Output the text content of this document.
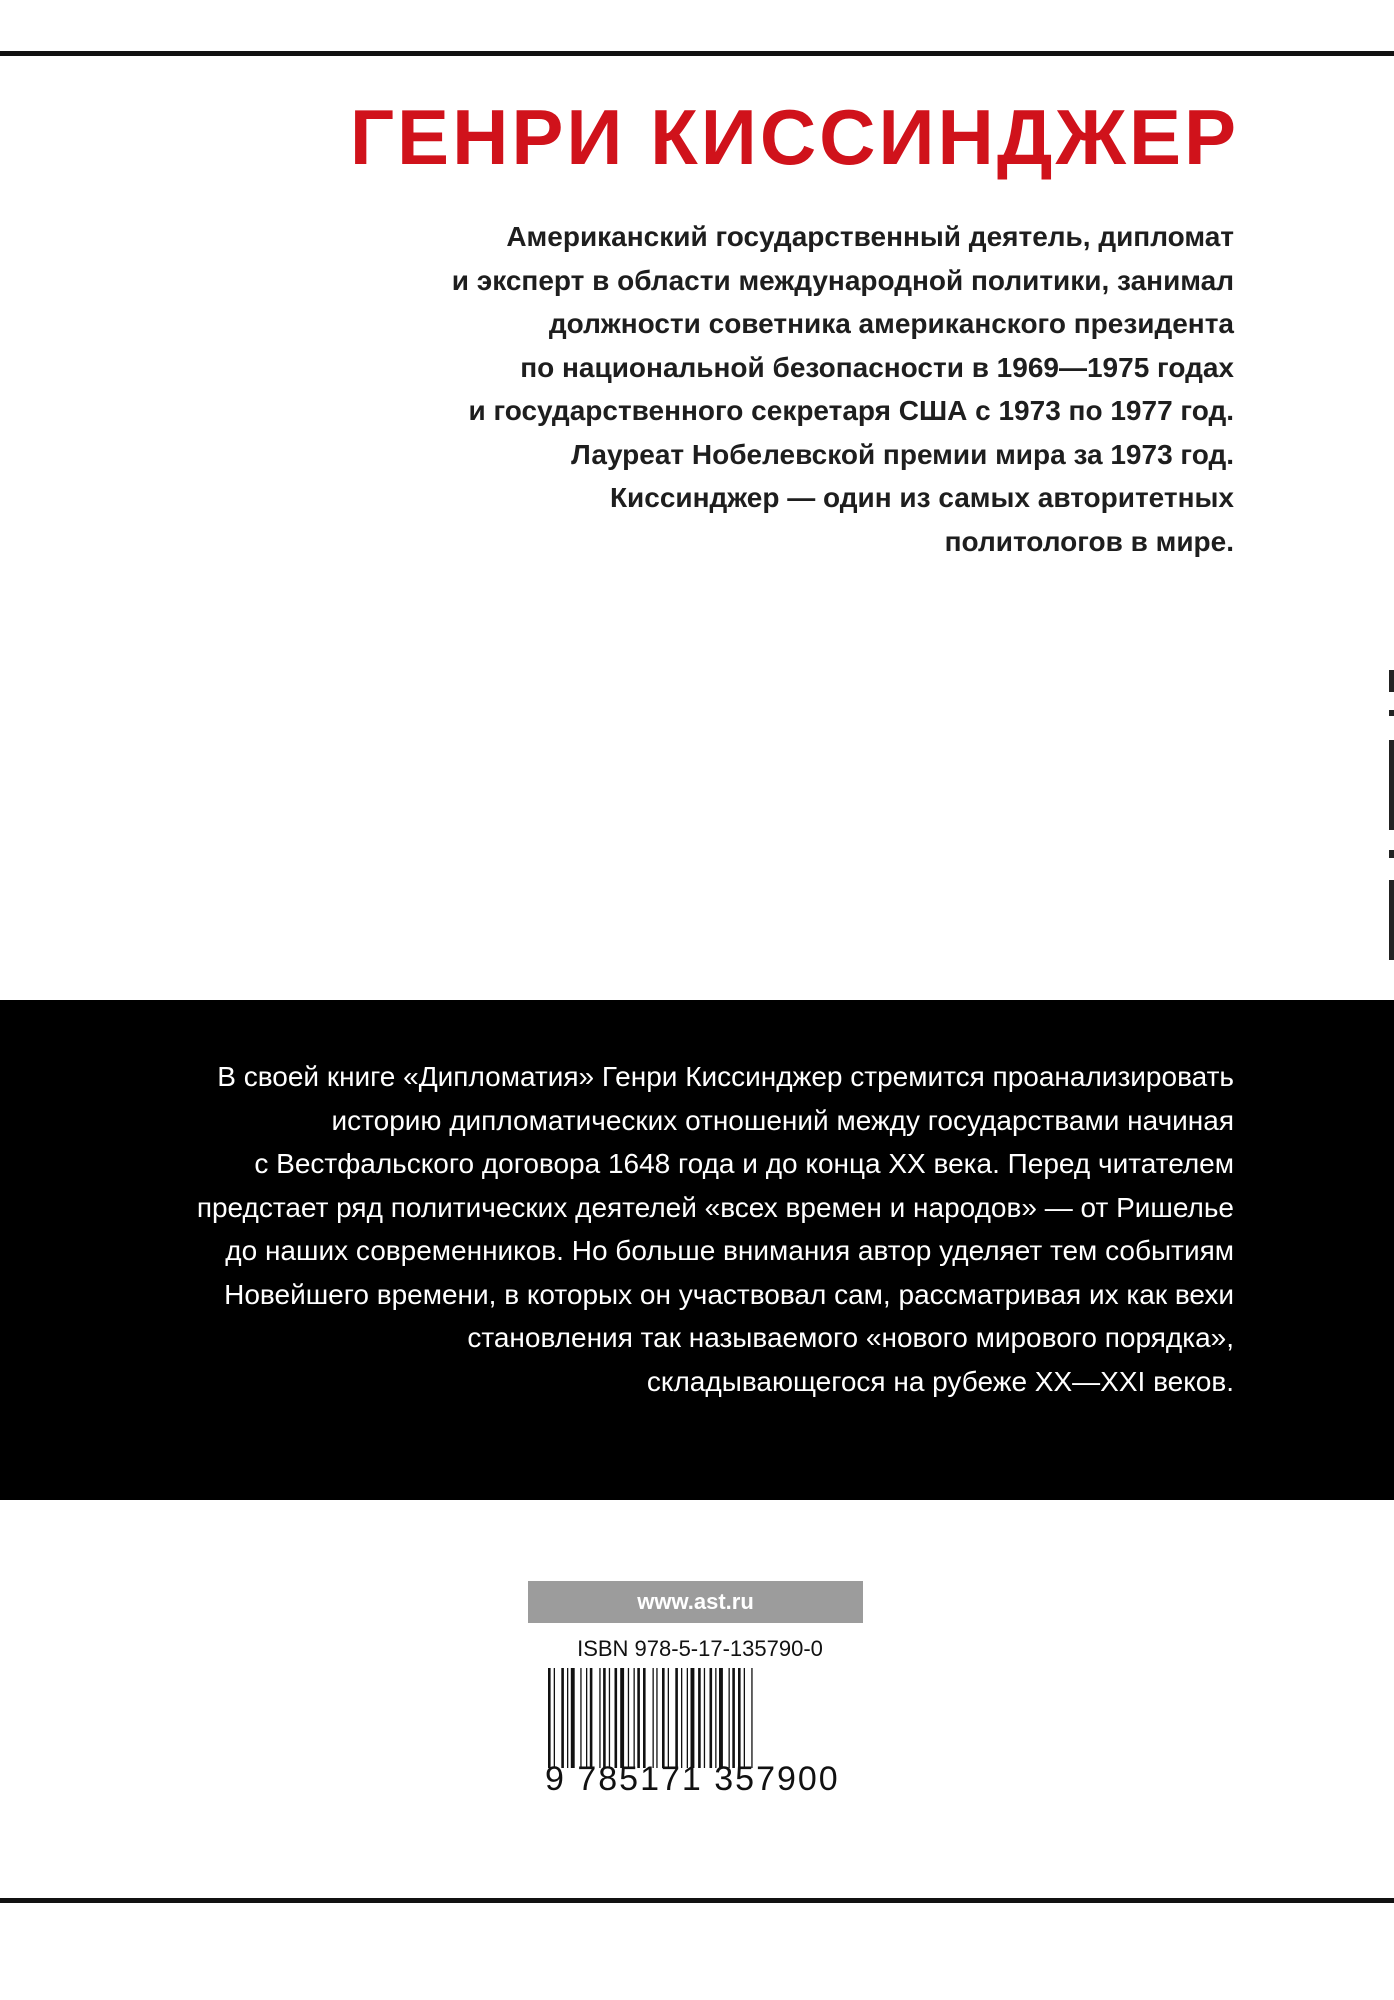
ГЕНРИ КИССИНДЖЕР

Американский государственный деятель, дипломат
и эксперт в области международной политики, занимал
должности советника американского президента
по национальной безопасности в 1969—1975 годах
и государственного секретаря США с 1973 по 1977 год.
Лауреат Нобелевской премии мира за 1973 год.
Киссинджер — один из самых авторитетных
политологов в мире.

В своей книге «Дипломатия» Генри Киссинджер стремится проанализировать
историю дипломатических отношений между государствами начиная
с Вестфальского договора 1648 года и до конца XX века. Перед читателем
предстает ряд политических деятелей «всех времен и народов» — от Ришелье
до наших современников. Но больше внимания автор уделяет тем событиям
Новейшего времени, в которых он участвовал сам, рассматривая их как вехи
становления так называемого «нового мирового порядка»,
складывающегося на рубеже XX—XXI веков.

www.ast.ru
ISBN 978-5-17-135790-0
9 785171 357900
